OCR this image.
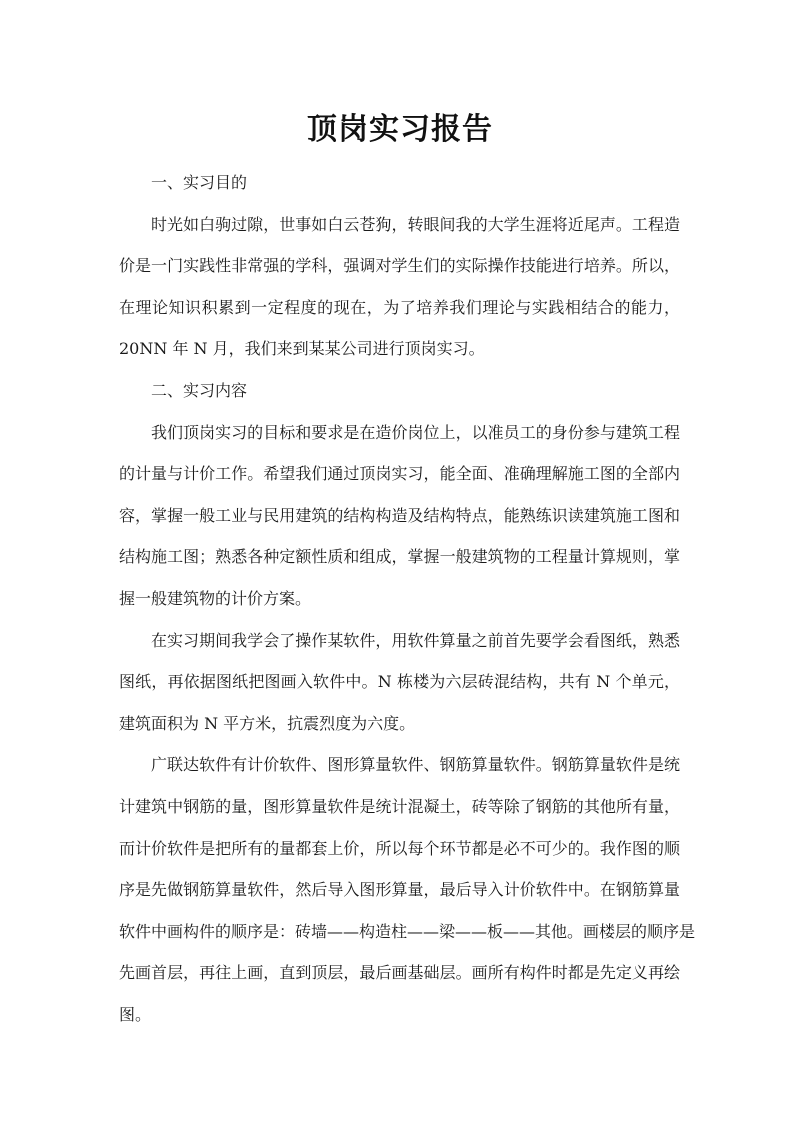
顶岗实习报告
一、实习目的
时光如白驹过隙，世事如白云苍狗，转眼间我的大学生涯将近尾声。工程造
价是一门实践性非常强的学科，强调对学生们的实际操作技能进行培养。所以，
在理论知识积累到一定程度的现在，为了培养我们理论与实践相结合的能力，
20NN 年 N 月，我们来到某某公司进行顶岗实习。
二、实习内容
我们顶岗实习的目标和要求是在造价岗位上，以准员工的身份参与建筑工程
的计量与计价工作。希望我们通过顶岗实习，能全面、准确理解施工图的全部内
容，掌握一般工业与民用建筑的结构构造及结构特点，能熟练识读建筑施工图和
结构施工图；熟悉各种定额性质和组成，掌握一般建筑物的工程量计算规则，掌
握一般建筑物的计价方案。
在实习期间我学会了操作某软件，用软件算量之前首先要学会看图纸，熟悉
图纸，再依据图纸把图画入软件中。N 栋楼为六层砖混结构，共有 N 个单元，
建筑面积为 N 平方米，抗震烈度为六度。
广联达软件有计价软件、图形算量软件、钢筋算量软件。钢筋算量软件是统
计建筑中钢筋的量，图形算量软件是统计混凝土，砖等除了钢筋的其他所有量，
而计价软件是把所有的量都套上价，所以每个环节都是必不可少的。我作图的顺
序是先做钢筋算量软件，然后导入图形算量，最后导入计价软件中。在钢筋算量
软件中画构件的顺序是：砖墙——构造柱——梁——板——其他。画楼层的顺序是
先画首层，再往上画，直到顶层，最后画基础层。画所有构件时都是先定义再绘
图。
